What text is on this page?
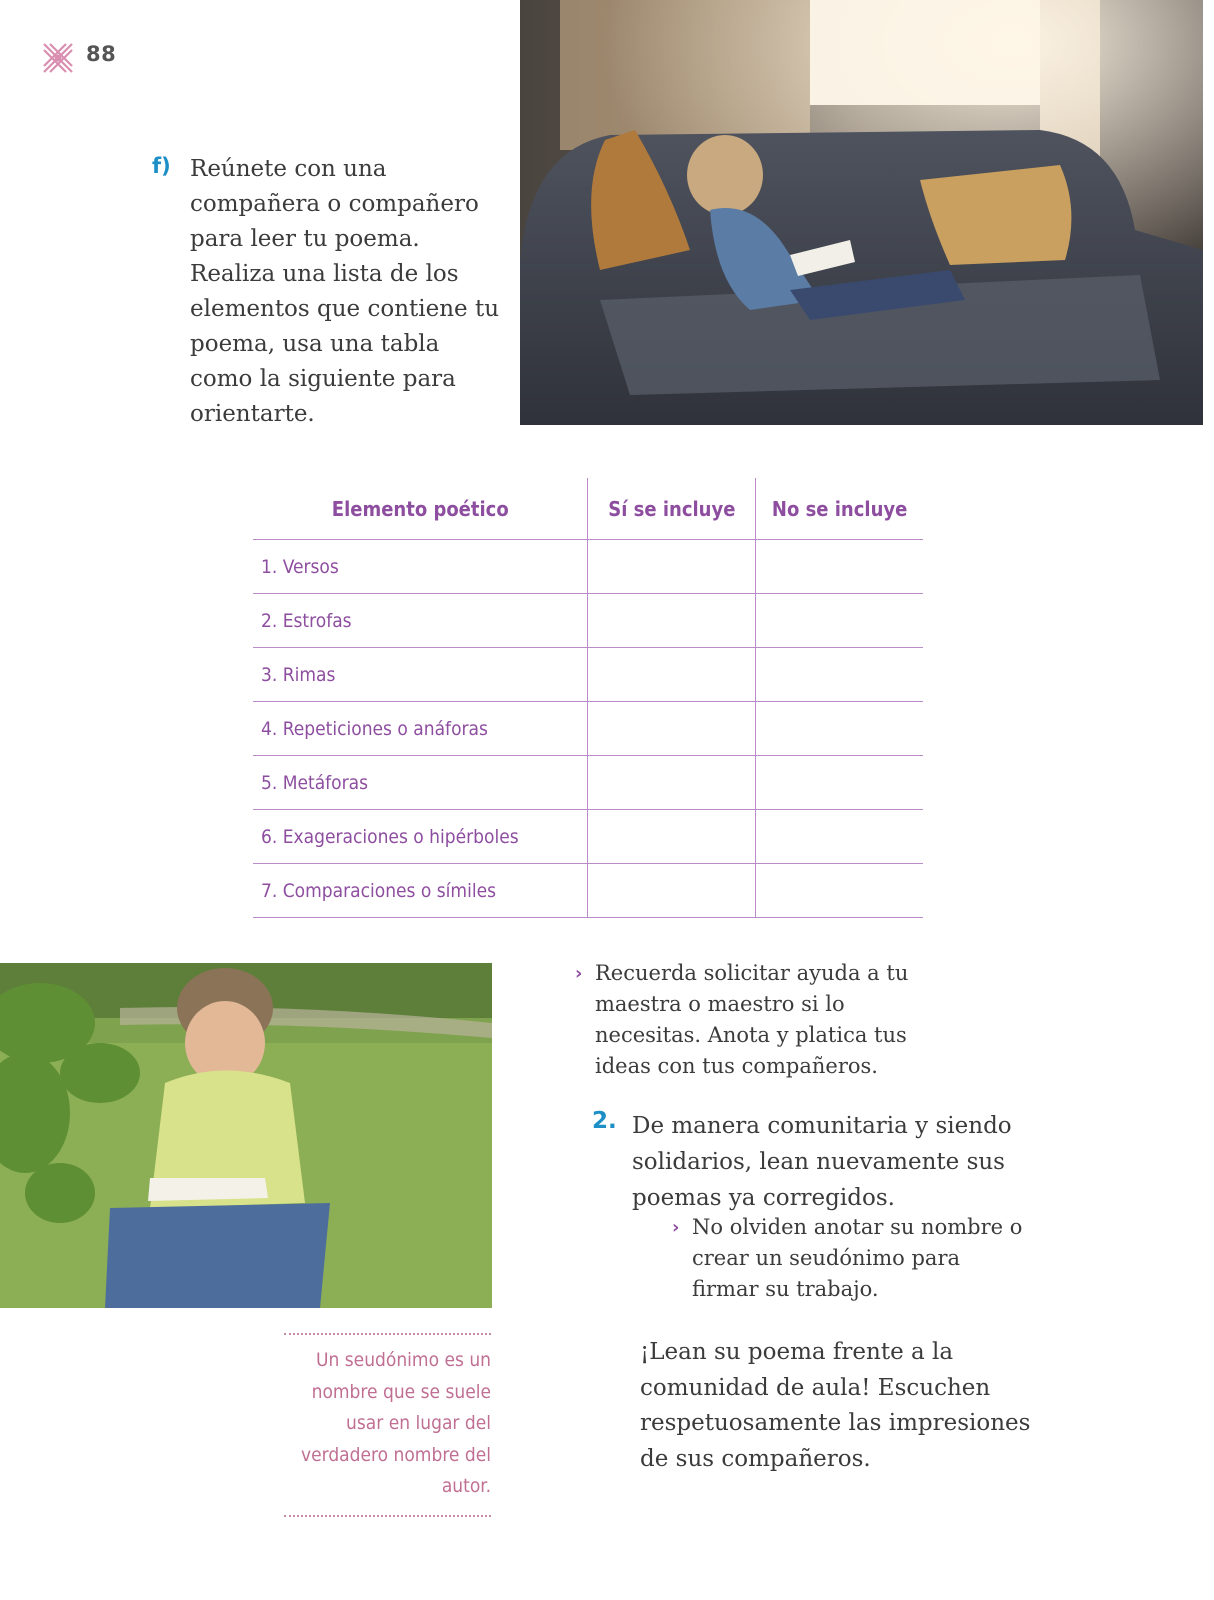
88
f) Reúnete con una compañera o compañero para leer tu poema. Realiza una lista de los elementos que contiene tu poema, usa una tabla como la siguiente para orientarte.
Elemento poético	Sí se incluye	No se incluye
1. Versos		
2. Estrofas		
3. Rimas		
4. Repeticiones o anáforas		
5. Metáforas		
6. Exageraciones o hipérboles		
7. Comparaciones o símiles		
Un seudónimo es un nombre que se suele usar en lugar del verdadero nombre del autor.
› Recuerda solicitar ayuda a tu maestra o maestro si lo necesitas. Anota y platica tus ideas con tus compañeros.
2. De manera comunitaria y siendo solidarios, lean nuevamente sus poemas ya corregidos.
› No olviden anotar su nombre o crear un seudónimo para firmar su trabajo.
¡Lean su poema frente a la comunidad de aula! Escuchen respetuosamente las impresiones de sus compañeros.
